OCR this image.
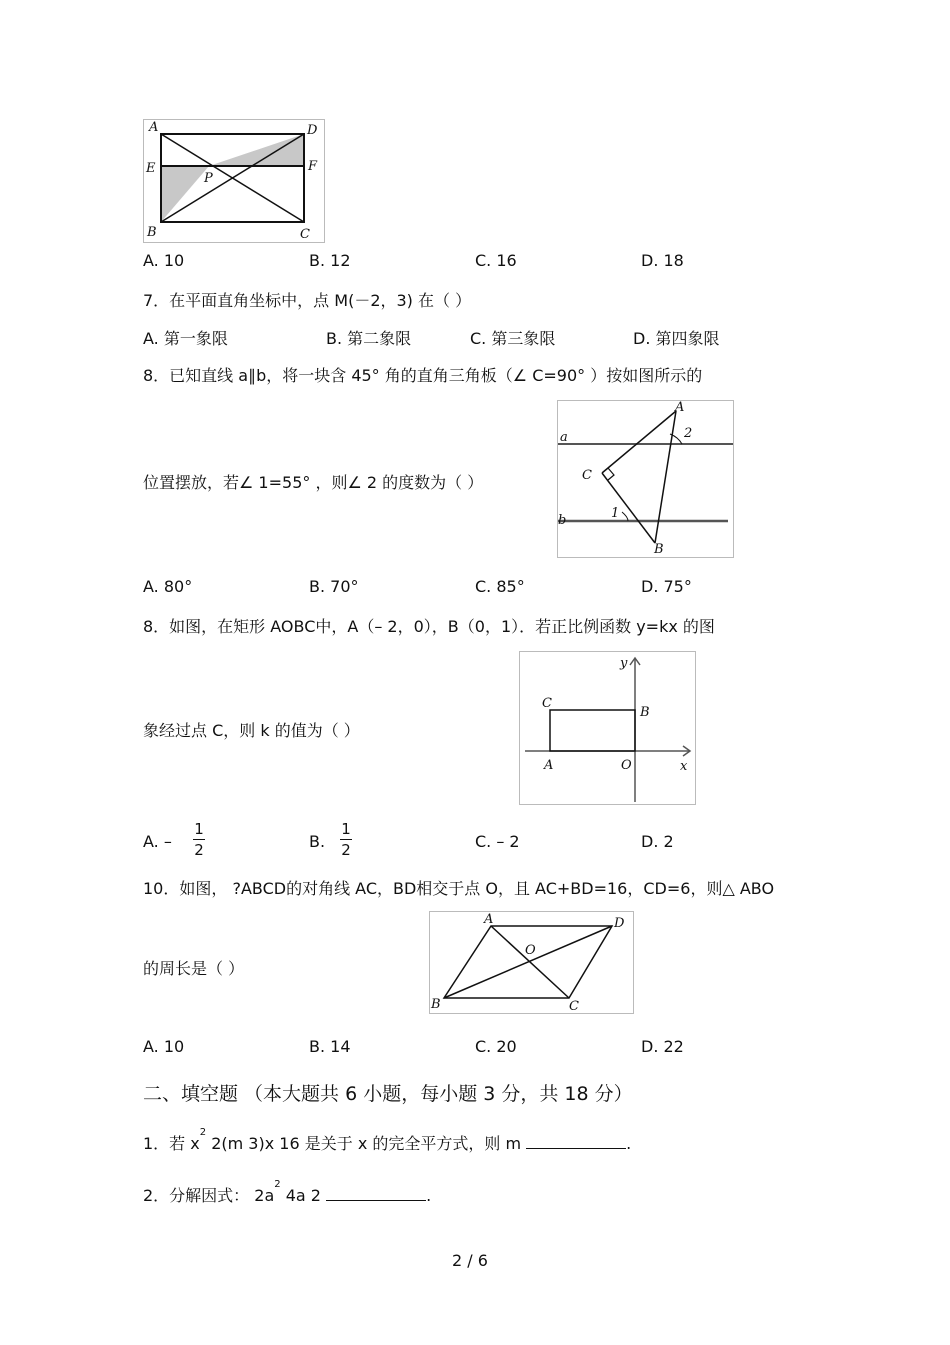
A	D
E	F
P
B	C
A. 10	B. 12	C. 16	D. 18
7．在平面直角坐标中，点 M(－2，3) 在（ ）
A. 第一象限	B. 第二象限	C. 第三象限	D. 第四象限
8．已知直线 a∥b，将一块含 45° 角的直角三角板（∠ C=90° ）按如图所示的
a
b
A
C
B
1
2
位置摆放，若∠ 1=55° ，则∠ 2 的度数为（ ）
A. 80°	B. 70°	C. 85°	D. 75°
8．如图，在矩形 AOBC中，A（– 2，0），B（0，1）．若正比例函数 y=kx 的图
y
x
C
B
A	O
象经过点 C，则 k 的值为（ ）
A. –
1
2	B.
1
2	C. – 2	D. 2
10．如图， ?ABCD的对角线 AC，BD相交于点 O，且 AC+BD=16，CD=6，则△ ABO
A	D
O
B	C
的周长是（ ）
A. 10	B. 14	C. 20	D. 22
二、填空题 （本大题共 6 小题，每小题 3 分，共 18 分）
1．若 $x^2$ 2(m 3)x 16 是关于 x 的完全平方式，则 m	.
2．分解因式： $2a^2$ 4a 2	.
2 / 6
